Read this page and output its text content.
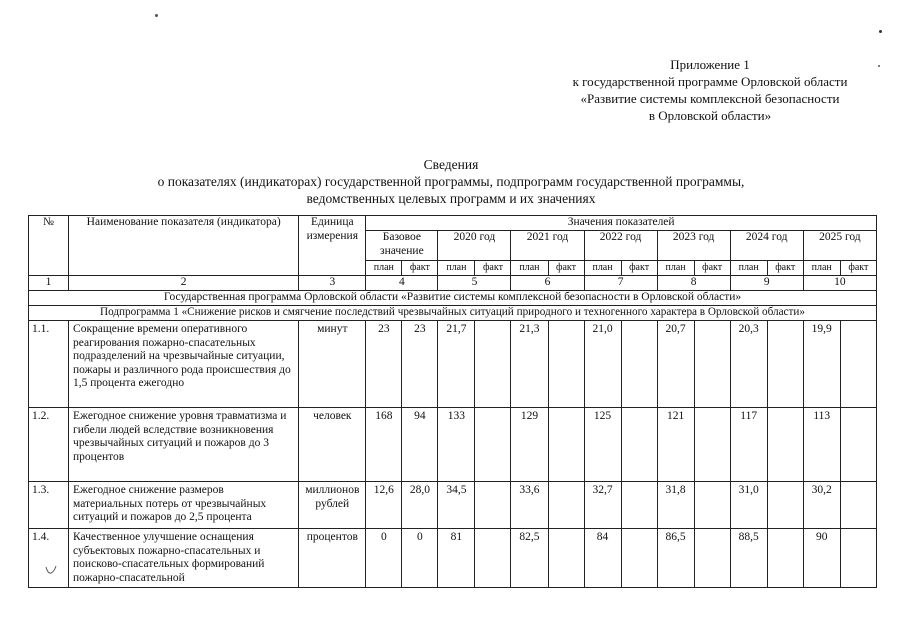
Приложение 1
к государственной программе Орловской области
«Развитие системы комплексной безопасности
в Орловской области»
Сведения
о показателях (индикаторах) государственной программы, подпрограмм государственной программы,
ведомственных целевых программ и их значениях
№	Наименование показателя (индикатора)	Единица измерения	Значения показателей													
			Базовое значение		2020 год		2021 год		2022 год		2023 год		2024 год		2025 год	
			план	факт	план	факт	план	факт	план	факт	план	факт	план	факт	план	факт
1	2	3	4		5		6		7		8		9		10	
Государственная программа Орловской области «Развитие системы комплексной безопасности в Орловской области»																
Подпрограмма 1 «Снижение рисков и смягчение последствий чрезвычайных ситуаций природного и техногенного характера в Орловской области»																
1.1.	Сокращение времени оперативного реагирования пожарно-спасательных подразделений на чрезвычайные ситуации, пожары и различного рода происшествия до 1,5 процента ежегодно	минут	23	23	21,7		21,3		21,0		20,7		20,3		19,9	
1.2.	Ежегодное снижение уровня травматизма и гибели людей вследствие возникновения чрезвычайных ситуаций и пожаров до 3 процентов	человек	168	94	133		129		125		121		117		113	
1.3.	Ежегодное снижение размеров материальных потерь от чрезвычайных ситуаций и пожаров до 2,5 процента	миллионов рублей	12,6	28,0	34,5		33,6		32,7		31,8		31,0		30,2	
1.4.	Качественное улучшение оснащения субъектовых пожарно-спасательных и поисково-спасательных формирований пожарно-спасательной	процентов	0	0	81		82,5		84		86,5		88,5		90	
